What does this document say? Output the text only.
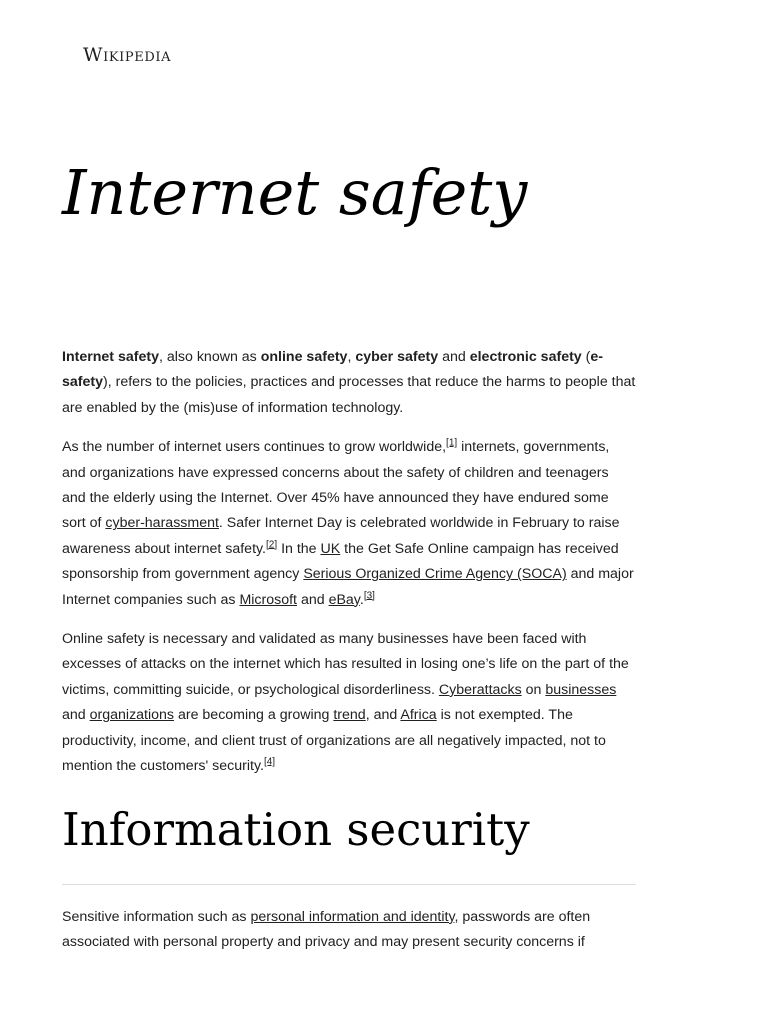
Wikipedia
Internet safety

Internet safety, also known as online safety, cyber safety and electronic safety (e-safety), refers to the policies, practices and processes that reduce the harms to people that are enabled by the (mis)use of information technology.

As the number of internet users continues to grow worldwide,[1] internets, governments, and organizations have expressed concerns about the safety of children and teenagers and the elderly using the Internet. Over 45% have announced they have endured some sort of cyber-harassment. Safer Internet Day is celebrated worldwide in February to raise awareness about internet safety.[2] In the UK the Get Safe Online campaign has received sponsorship from government agency Serious Organized Crime Agency (SOCA) and major Internet companies such as Microsoft and eBay.[3]

Online safety is necessary and validated as many businesses have been faced with excesses of attacks on the internet which has resulted in losing one’s life on the part of the victims, committing suicide, or psychological disorderliness. Cyberattacks on businesses and organizations are becoming a growing trend, and Africa is not exempted. The productivity, income, and client trust of organizations are all negatively impacted, not to mention the customers' security.[4]

Information security

Sensitive information such as personal information and identity, passwords are often associated with personal property and privacy and may present security concerns if
